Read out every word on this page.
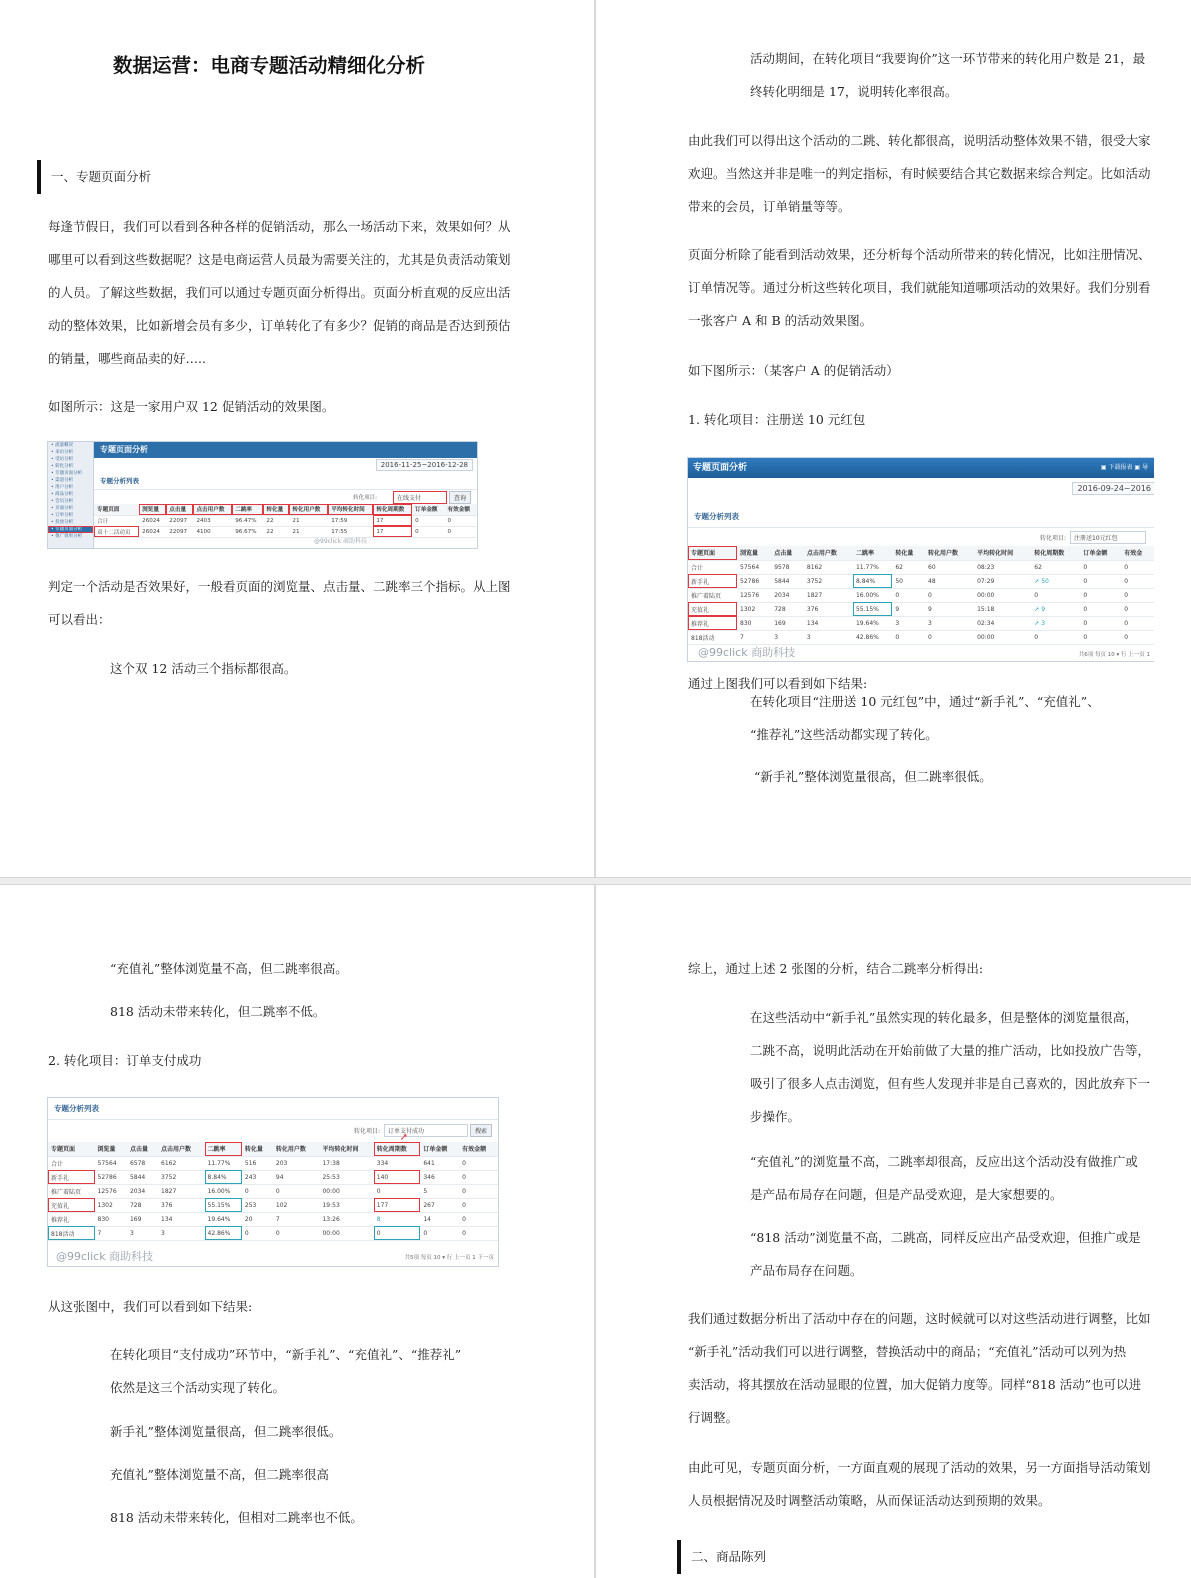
数据运营：电商专题活动精细化分析
一、专题页面分析
每逢节假日，我们可以看到各种各样的促销活动，那么一场活动下来，效果如何？从
哪里可以看到这些数据呢？这是电商运营人员最为需要关注的，尤其是负责活动策划
的人员。了解这些数据，我们可以通过专题页面分析得出。页面分析直观的反应出活
动的整体效果，比如新增会员有多少，订单转化了有多少？促销的商品是否达到预估
的销量，哪些商品卖的好…..
如图所示：这是一家用户双 12 促销活动的效果图。
• 流量概况
• 来访分析
• 受访分析
• 转化分析
• 专题页面分析
• 渠道分析
• 用户分析
• 商品分析
• 会员分析
• 页面分析
• 订单分析
• 投放分析
• 专题页面分析
• 推广效果分析
专题页面分析
2016-11-25~2016-12-28
专题分析列表
转化项目:	在线支付	查询
专题页面	浏览量	点击量	点击用户数	二跳率	转化量	转化用户数	平均转化时间	转化周期数	订单金额	有效金额
合计	26024	22097	2403	96.47%	22	21	17:59	17	0	0
双十二活动页	26024	22097	4100	96.67%	22	21	17:55	17	0	0
@99click 商助科技
判定一个活动是否效果好，一般看页面的浏览量、点击量、二跳率三个指标。从上图
可以看出：
这个双 12 活动三个指标都很高。
活动期间，在转化项目“我要询价”这一环节带来的转化用户数是 21，最
终转化明细是 17，说明转化率很高。
由此我们可以得出这个活动的二跳、转化都很高，说明活动整体效果不错，很受大家
欢迎。当然这并非是唯一的判定指标，有时候要结合其它数据来综合判定。比如活动
带来的会员，订单销量等等。
页面分析除了能看到活动效果，还分析每个活动所带来的转化情况，比如注册情况、
订单情况等。通过分析这些转化项目，我们就能知道哪项活动的效果好。我们分别看
一张客户 A 和 B 的活动效果图。
如下图所示：（某客户 A 的促销活动）
1. 转化项目：注册送 10 元红包
专题页面分析	▣ 下载报表 ▣ 导
2016-09-24~2016
专题分析列表
转化项目:	注册送10元红包
专题页面	浏览量	点击量	点击用户数	二跳率	转化量	转化用户数	平均转化时间	转化周期数	订单金额	有效金
合计	57564	9578	8162	11.77%	62	60	08:23	62	0	0
新手礼	52786	5844	3752	8.84%	50	48	07:29	➚ 50	0	0
推广着陆页	12576	2034	1827	16.00%	0	0	00:00	0	0	0
充值礼	1302	728	376	55.15%	9	9	15:18	➚ 9	0	0
推荐礼	830	169	134	19.64%	3	3	02:34	➚ 3	0	0
818活动	7	3	3	42.86%	0	0	00:00	0	0	0
@99click 商助科技	共6项 每页 10 ▾ 行 上一页 1
通过上图我们可以看到如下结果:
在转化项目“注册送 10 元红包”中，通过“新手礼”、“充值礼”、
“推荐礼”这些活动都实现了转化。
“新手礼”整体浏览量很高，但二跳率很低。
“充值礼”整体浏览量不高，但二跳率很高。
818 活动未带来转化，但二跳率不低。
2. 转化项目：订单支付成功
专题分析列表
转化项目:	订单支付成功	搜索
➚
专题页面	浏览量	点击量	点击用户数	二跳率	转化量	转化用户数	平均转化时间	转化周期数	订单金额	有效金额
合计	57564	6578	6162	11.77%	516	203	17:38	334	641	0
新手礼	52786	5844	3752	8.84%	243	94	25:53	140	346	0
推广着陆页	12576	2034	1827	16.00%	0	0	00:00	0	5	0
充值礼	1302	728	376	55.15%	253	102	19:53	177	267	0
推荐礼	830	169	134	19.64%	20	7	13:26	8	14	0
818活动	7	3	3	42.86%	0	0	00:00	0	0	0
@99click 商助科技	共5项 每页 10 ▾ 行 上一页 1 下一页
从这张图中，我们可以看到如下结果:
在转化项目“支付成功”环节中，“新手礼”、“充值礼”、“推荐礼”
依然是这三个活动实现了转化。
新手礼”整体浏览量很高，但二跳率很低。
充值礼”整体浏览量不高，但二跳率很高
818 活动未带来转化，但相对二跳率也不低。
综上，通过上述 2 张图的分析，结合二跳率分析得出:
在这些活动中“新手礼”虽然实现的转化最多，但是整体的浏览量很高，
二跳不高，说明此活动在开始前做了大量的推广活动，比如投放广告等，
吸引了很多人点击浏览，但有些人发现并非是自己喜欢的，因此放弃下一
步操作。
“充值礼”的浏览量不高，二跳率却很高，反应出这个活动没有做推广或
是产品布局存在问题，但是产品受欢迎，是大家想要的。
“818 活动”浏览量不高，二跳高，同样反应出产品受欢迎，但推广或是
产品布局存在问题。
我们通过数据分析出了活动中存在的问题，这时候就可以对这些活动进行调整，比如
“新手礼”活动我们可以进行调整，替换活动中的商品；“充值礼”活动可以列为热
卖活动，将其摆放在活动显眼的位置，加大促销力度等。同样“818 活动”也可以进
行调整。
由此可见，专题页面分析，一方面直观的展现了活动的效果，另一方面指导活动策划
人员根据情况及时调整活动策略，从而保证活动达到预期的效果。
二、商品陈列
